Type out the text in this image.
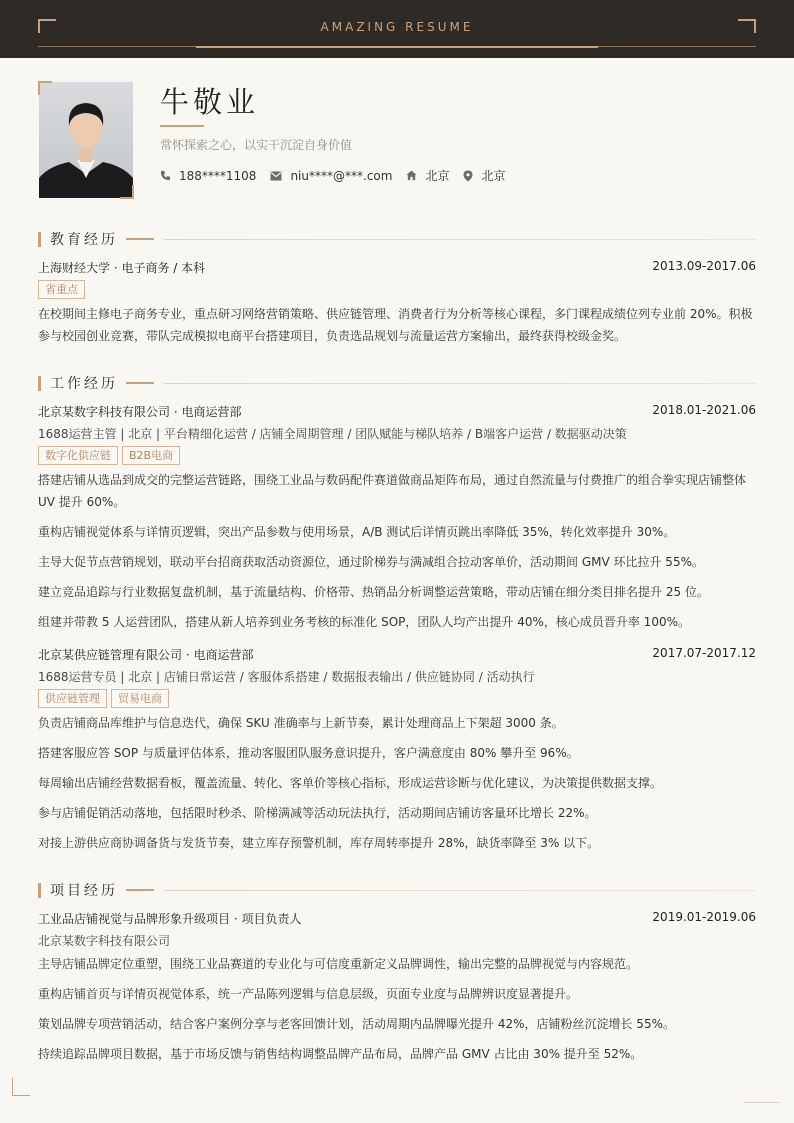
AMAZING RESUME
牛敬业
常怀探索之心，以实干沉淀自身价值
188****1108	niu****@***.com	北京	北京
教育经历
上海财经大学 · 电子商务 / 本科	2013.09-2017.06
省重点
在校期间主修电子商务专业，重点研习网络营销策略、供应链管理、消费者行为分析等核心课程，多门课程成绩位列专业前 20%。积极参与校园创业竞赛，带队完成模拟电商平台搭建项目，负责选品规划与流量运营方案输出，最终获得校级金奖。
工作经历
北京某数字科技有限公司 · 电商运营部	2018.01-2021.06
1688运营主管 | 北京 | 平台精细化运营 / 店铺全周期管理 / 团队赋能与梯队培养 / B端客户运营 / 数据驱动决策
数字化供应链	B2B电商
搭建店铺从选品到成交的完整运营链路，围绕工业品与数码配件赛道做商品矩阵布局，通过自然流量与付费推广的组合拳实现店铺整体 UV 提升 60%。
重构店铺视觉体系与详情页逻辑，突出产品参数与使用场景，A/B 测试后详情页跳出率降低 35%，转化效率提升 30%。
主导大促节点营销规划，联动平台招商获取活动资源位，通过阶梯券与满减组合拉动客单价，活动期间 GMV 环比拉升 55%。
建立竞品追踪与行业数据复盘机制，基于流量结构、价格带、热销品分析调整运营策略，带动店铺在细分类目排名提升 25 位。
组建并带教 5 人运营团队，搭建从新人培养到业务考核的标准化 SOP，团队人均产出提升 40%，核心成员晋升率 100%。
北京某供应链管理有限公司 · 电商运营部	2017.07-2017.12
1688运营专员 | 北京 | 店铺日常运营 / 客服体系搭建 / 数据报表输出 / 供应链协同 / 活动执行
供应链管理	贸易电商
负责店铺商品库维护与信息迭代，确保 SKU 准确率与上新节奏，累计处理商品上下架超 3000 条。
搭建客服应答 SOP 与质量评估体系，推动客服团队服务意识提升，客户满意度由 80% 攀升至 96%。
每周输出店铺经营数据看板，覆盖流量、转化、客单价等核心指标，形成运营诊断与优化建议，为决策提供数据支撑。
参与店铺促销活动落地，包括限时秒杀、阶梯满减等活动玩法执行，活动期间店铺访客量环比增长 22%。
对接上游供应商协调备货与发货节奏，建立库存预警机制，库存周转率提升 28%，缺货率降至 3% 以下。
项目经历
工业品店铺视觉与品牌形象升级项目 · 项目负责人	2019.01-2019.06
北京某数字科技有限公司
主导店铺品牌定位重塑，围绕工业品赛道的专业化与可信度重新定义品牌调性，输出完整的品牌视觉与内容规范。
重构店铺首页与详情页视觉体系，统一产品陈列逻辑与信息层级，页面专业度与品牌辨识度显著提升。
策划品牌专项营销活动，结合客户案例分享与老客回馈计划，活动周期内品牌曝光提升 42%，店铺粉丝沉淀增长 55%。
持续追踪品牌项目数据，基于市场反馈与销售结构调整品牌产品布局，品牌产品 GMV 占比由 30% 提升至 52%。
